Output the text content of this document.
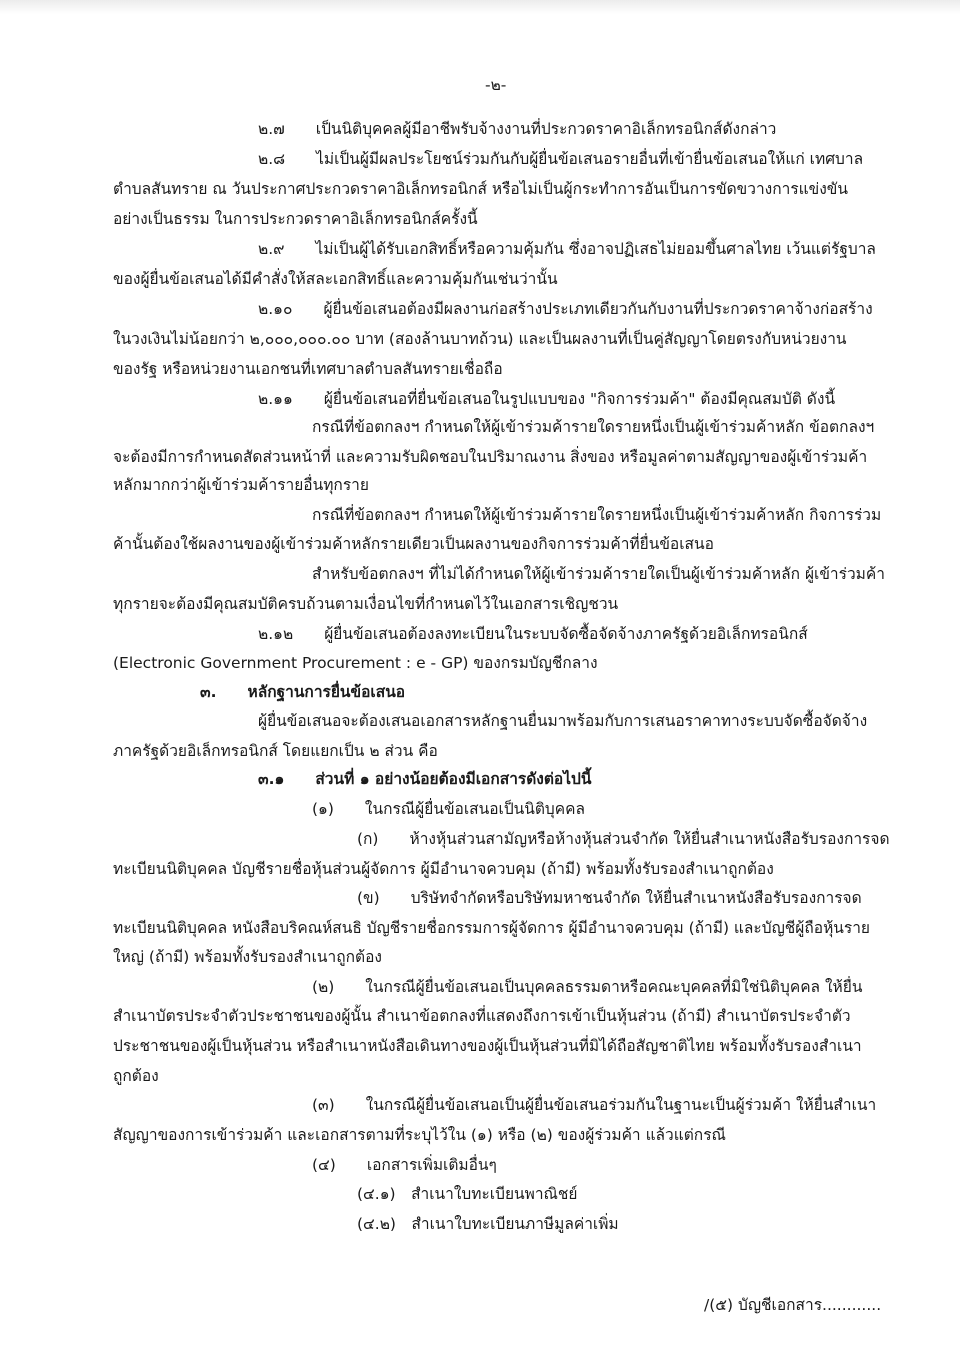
-๒-
๒.๗  เป็นนิติบุคคลผู้มีอาชีพรับจ้างงานที่ประกวดราคาอิเล็กทรอนิกส์ดังกล่าว
๒.๘  ไม่เป็นผู้มีผลประโยชน์ร่วมกันกับผู้ยื่นข้อเสนอรายอื่นที่เข้ายื่นข้อเสนอให้แก่ เทศบาล
ตำบลสันทราย ณ วันประกาศประกวดราคาอิเล็กทรอนิกส์ หรือไม่เป็นผู้กระทำการอันเป็นการขัดขวางการแข่งขัน
อย่างเป็นธรรม ในการประกวดราคาอิเล็กทรอนิกส์ครั้งนี้
๒.๙  ไม่เป็นผู้ได้รับเอกสิทธิ์หรือความคุ้มกัน ซึ่งอาจปฏิเสธไม่ยอมขึ้นศาลไทย เว้นแต่รัฐบาล
ของผู้ยื่นข้อเสนอได้มีคำสั่งให้สละเอกสิทธิ์และความคุ้มกันเช่นว่านั้น
๒.๑๐  ผู้ยื่นข้อเสนอต้องมีผลงานก่อสร้างประเภทเดียวกันกับงานที่ประกวดราคาจ้างก่อสร้าง
ในวงเงินไม่น้อยกว่า ๒,๐๐๐,๐๐๐.๐๐ บาท (สองล้านบาทถ้วน) และเป็นผลงานที่เป็นคู่สัญญาโดยตรงกับหน่วยงาน
ของรัฐ หรือหน่วยงานเอกชนที่เทศบาลตำบลสันทรายเชื่อถือ
๒.๑๑  ผู้ยื่นข้อเสนอที่ยื่นข้อเสนอในรูปแบบของ "กิจการร่วมค้า" ต้องมีคุณสมบัติ ดังนี้
กรณีที่ข้อตกลงฯ กำหนดให้ผู้เข้าร่วมค้ารายใดรายหนึ่งเป็นผู้เข้าร่วมค้าหลัก ข้อตกลงฯ
จะต้องมีการกำหนดสัดส่วนหน้าที่ และความรับผิดชอบในปริมาณงาน สิ่งของ หรือมูลค่าตามสัญญาของผู้เข้าร่วมค้า
หลักมากกว่าผู้เข้าร่วมค้ารายอื่นทุกราย
กรณีที่ข้อตกลงฯ กำหนดให้ผู้เข้าร่วมค้ารายใดรายหนึ่งเป็นผู้เข้าร่วมค้าหลัก กิจการร่วม
ค้านั้นต้องใช้ผลงานของผู้เข้าร่วมค้าหลักรายเดียวเป็นผลงานของกิจการร่วมค้าที่ยื่นข้อเสนอ
สำหรับข้อตกลงฯ ที่ไม่ได้กำหนดให้ผู้เข้าร่วมค้ารายใดเป็นผู้เข้าร่วมค้าหลัก ผู้เข้าร่วมค้า
ทุกรายจะต้องมีคุณสมบัติครบถ้วนตามเงื่อนไขที่กำหนดไว้ในเอกสารเชิญชวน
๒.๑๒  ผู้ยื่นข้อเสนอต้องลงทะเบียนในระบบจัดซื้อจัดจ้างภาครัฐด้วยอิเล็กทรอนิกส์
(Electronic Government Procurement : e - GP) ของกรมบัญชีกลาง
๓.  หลักฐานการยื่นข้อเสนอ
ผู้ยื่นข้อเสนอจะต้องเสนอเอกสารหลักฐานยื่นมาพร้อมกับการเสนอราคาทางระบบจัดซื้อจัดจ้าง
ภาครัฐด้วยอิเล็กทรอนิกส์ โดยแยกเป็น ๒ ส่วน คือ
๓.๑  ส่วนที่ ๑ อย่างน้อยต้องมีเอกสารดังต่อไปนี้
(๑)  ในกรณีผู้ยื่นข้อเสนอเป็นนิติบุคคล
(ก)  ห้างหุ้นส่วนสามัญหรือห้างหุ้นส่วนจำกัด ให้ยื่นสำเนาหนังสือรับรองการจด
ทะเบียนนิติบุคคล บัญชีรายชื่อหุ้นส่วนผู้จัดการ ผู้มีอำนาจควบคุม (ถ้ามี) พร้อมทั้งรับรองสำเนาถูกต้อง
(ข)  บริษัทจำกัดหรือบริษัทมหาชนจำกัด ให้ยื่นสำเนาหนังสือรับรองการจด
ทะเบียนนิติบุคคล หนังสือบริคณห์สนธิ บัญชีรายชื่อกรรมการผู้จัดการ ผู้มีอำนาจควบคุม (ถ้ามี) และบัญชีผู้ถือหุ้นราย
ใหญ่ (ถ้ามี) พร้อมทั้งรับรองสำเนาถูกต้อง
(๒)  ในกรณีผู้ยื่นข้อเสนอเป็นบุคคลธรรมดาหรือคณะบุคคลที่มิใช่นิติบุคคล ให้ยื่น
สำเนาบัตรประจำตัวประชาชนของผู้นั้น สำเนาข้อตกลงที่แสดงถึงการเข้าเป็นหุ้นส่วน (ถ้ามี) สำเนาบัตรประจำตัว
ประชาชนของผู้เป็นหุ้นส่วน หรือสำเนาหนังสือเดินทางของผู้เป็นหุ้นส่วนที่มิได้ถือสัญชาติไทย พร้อมทั้งรับรองสำเนา
ถูกต้อง
(๓)  ในกรณีผู้ยื่นข้อเสนอเป็นผู้ยื่นข้อเสนอร่วมกันในฐานะเป็นผู้ร่วมค้า ให้ยื่นสำเนา
สัญญาของการเข้าร่วมค้า และเอกสารตามที่ระบุไว้ใน (๑) หรือ (๒) ของผู้ร่วมค้า แล้วแต่กรณี
(๔)  เอกสารเพิ่มเติมอื่นๆ
(๔.๑) สำเนาใบทะเบียนพาณิชย์
(๔.๒) สำเนาใบทะเบียนภาษีมูลค่าเพิ่ม
/(๕) บัญชีเอกสาร............
